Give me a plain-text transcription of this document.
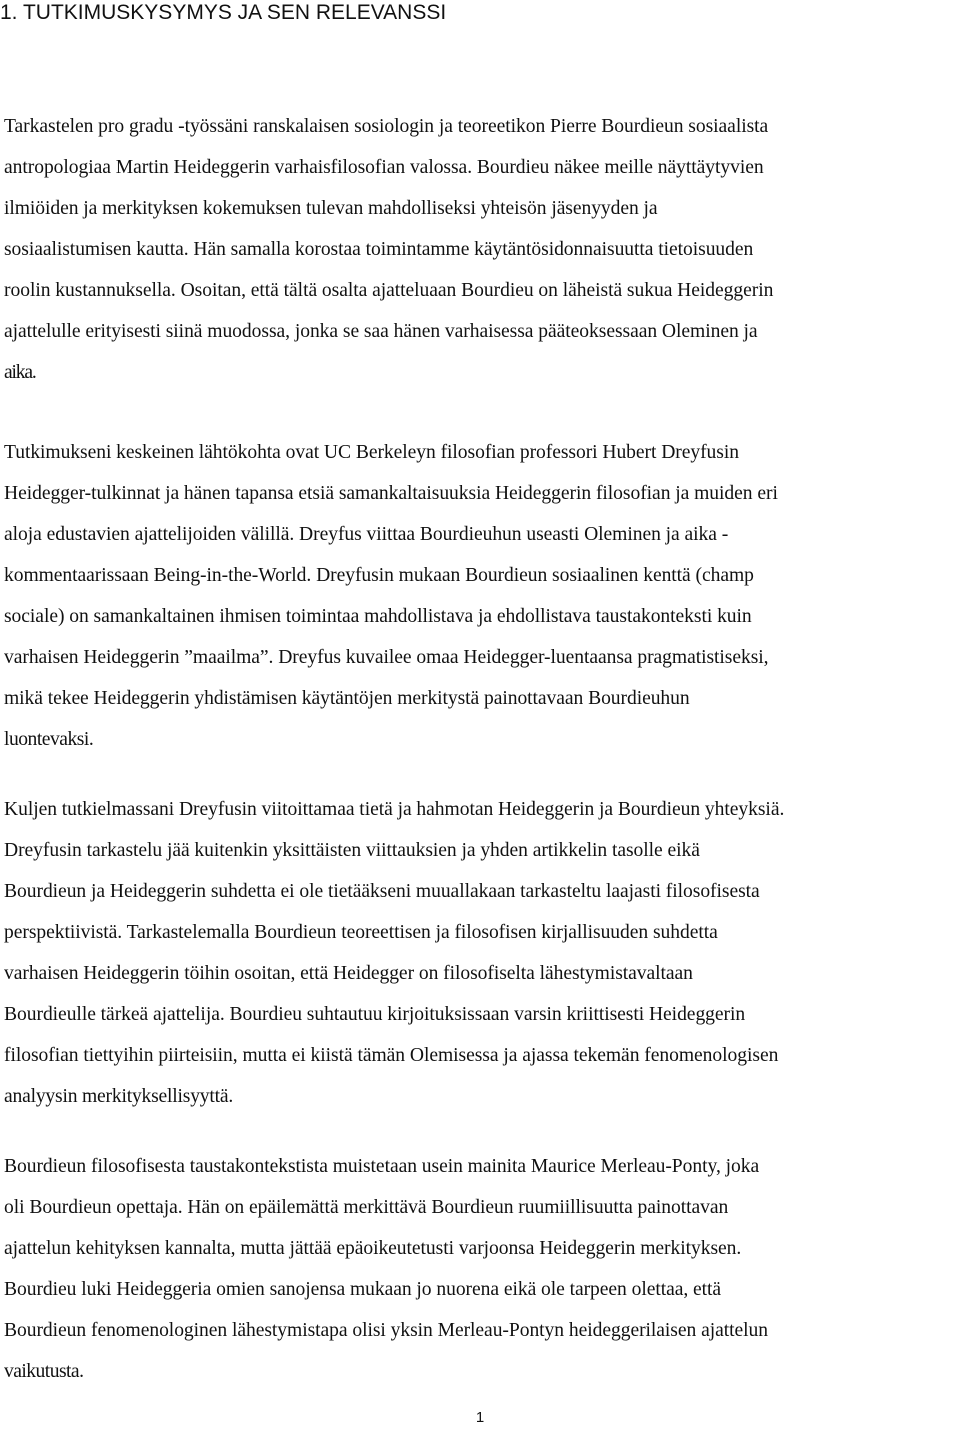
1. TUTKIMUSKYSYMYS JA SEN RELEVANSSI
Tarkastelen pro gradu -työssäni ranskalaisen sosiologin ja teoreetikon Pierre Bourdieun sosiaalista
antropologiaa Martin Heideggerin varhaisfilosofian valossa. Bourdieu näkee meille näyttäytyvien
ilmiöiden ja merkityksen kokemuksen tulevan mahdolliseksi yhteisön jäsenyyden ja
sosiaalistumisen kautta. Hän samalla korostaa toimintamme käytäntösidonnaisuutta tietoisuuden
roolin kustannuksella. Osoitan, että tältä osalta ajatteluaan Bourdieu on läheistä sukua Heideggerin
ajattelulle erityisesti siinä muodossa, jonka se saa hänen varhaisessa pääteoksessaan Oleminen ja
aika.
Tutkimukseni keskeinen lähtökohta ovat UC Berkeleyn filosofian professori Hubert Dreyfusin
Heidegger-tulkinnat ja hänen tapansa etsiä samankaltaisuuksia Heideggerin filosofian ja muiden eri
aloja edustavien ajattelijoiden välillä. Dreyfus viittaa Bourdieuhun useasti Oleminen ja aika -
kommentaarissaan Being-in-the-World. Dreyfusin mukaan Bourdieun sosiaalinen kenttä (champ
sociale) on samankaltainen ihmisen toimintaa mahdollistava ja ehdollistava taustakonteksti kuin
varhaisen Heideggerin ”maailma”. Dreyfus kuvailee omaa Heidegger-luentaansa pragmatistiseksi,
mikä tekee Heideggerin yhdistämisen käytäntöjen merkitystä painottavaan Bourdieuhun
luontevaksi.
Kuljen tutkielmassani Dreyfusin viitoittamaa tietä ja hahmotan Heideggerin ja Bourdieun yhteyksiä.
Dreyfusin tarkastelu jää kuitenkin yksittäisten viittauksien ja yhden artikkelin tasolle eikä
Bourdieun ja Heideggerin suhdetta ei ole tietääkseni muuallakaan tarkasteltu laajasti filosofisesta
perspektiivistä. Tarkastelemalla Bourdieun teoreettisen ja filosofisen kirjallisuuden suhdetta
varhaisen Heideggerin töihin osoitan, että Heidegger on filosofiselta lähestymistavaltaan
Bourdieulle tärkeä ajattelija. Bourdieu suhtautuu kirjoituksissaan varsin kriittisesti Heideggerin
filosofian tiettyihin piirteisiin, mutta ei kiistä tämän Olemisessa ja ajassa tekemän fenomenologisen
analyysin merkityksellisyyttä.
Bourdieun filosofisesta taustakontekstista muistetaan usein mainita Maurice Merleau-Ponty, joka
oli Bourdieun opettaja. Hän on epäilemättä merkittävä Bourdieun ruumiillisuutta painottavan
ajattelun kehityksen kannalta, mutta jättää epäoikeutetusti varjoonsa Heideggerin merkityksen.
Bourdieu luki Heideggeria omien sanojensa mukaan jo nuorena eikä ole tarpeen olettaa, että
Bourdieun fenomenologinen lähestymistapa olisi yksin Merleau-Pontyn heideggerilaisen ajattelun
vaikutusta.
1
